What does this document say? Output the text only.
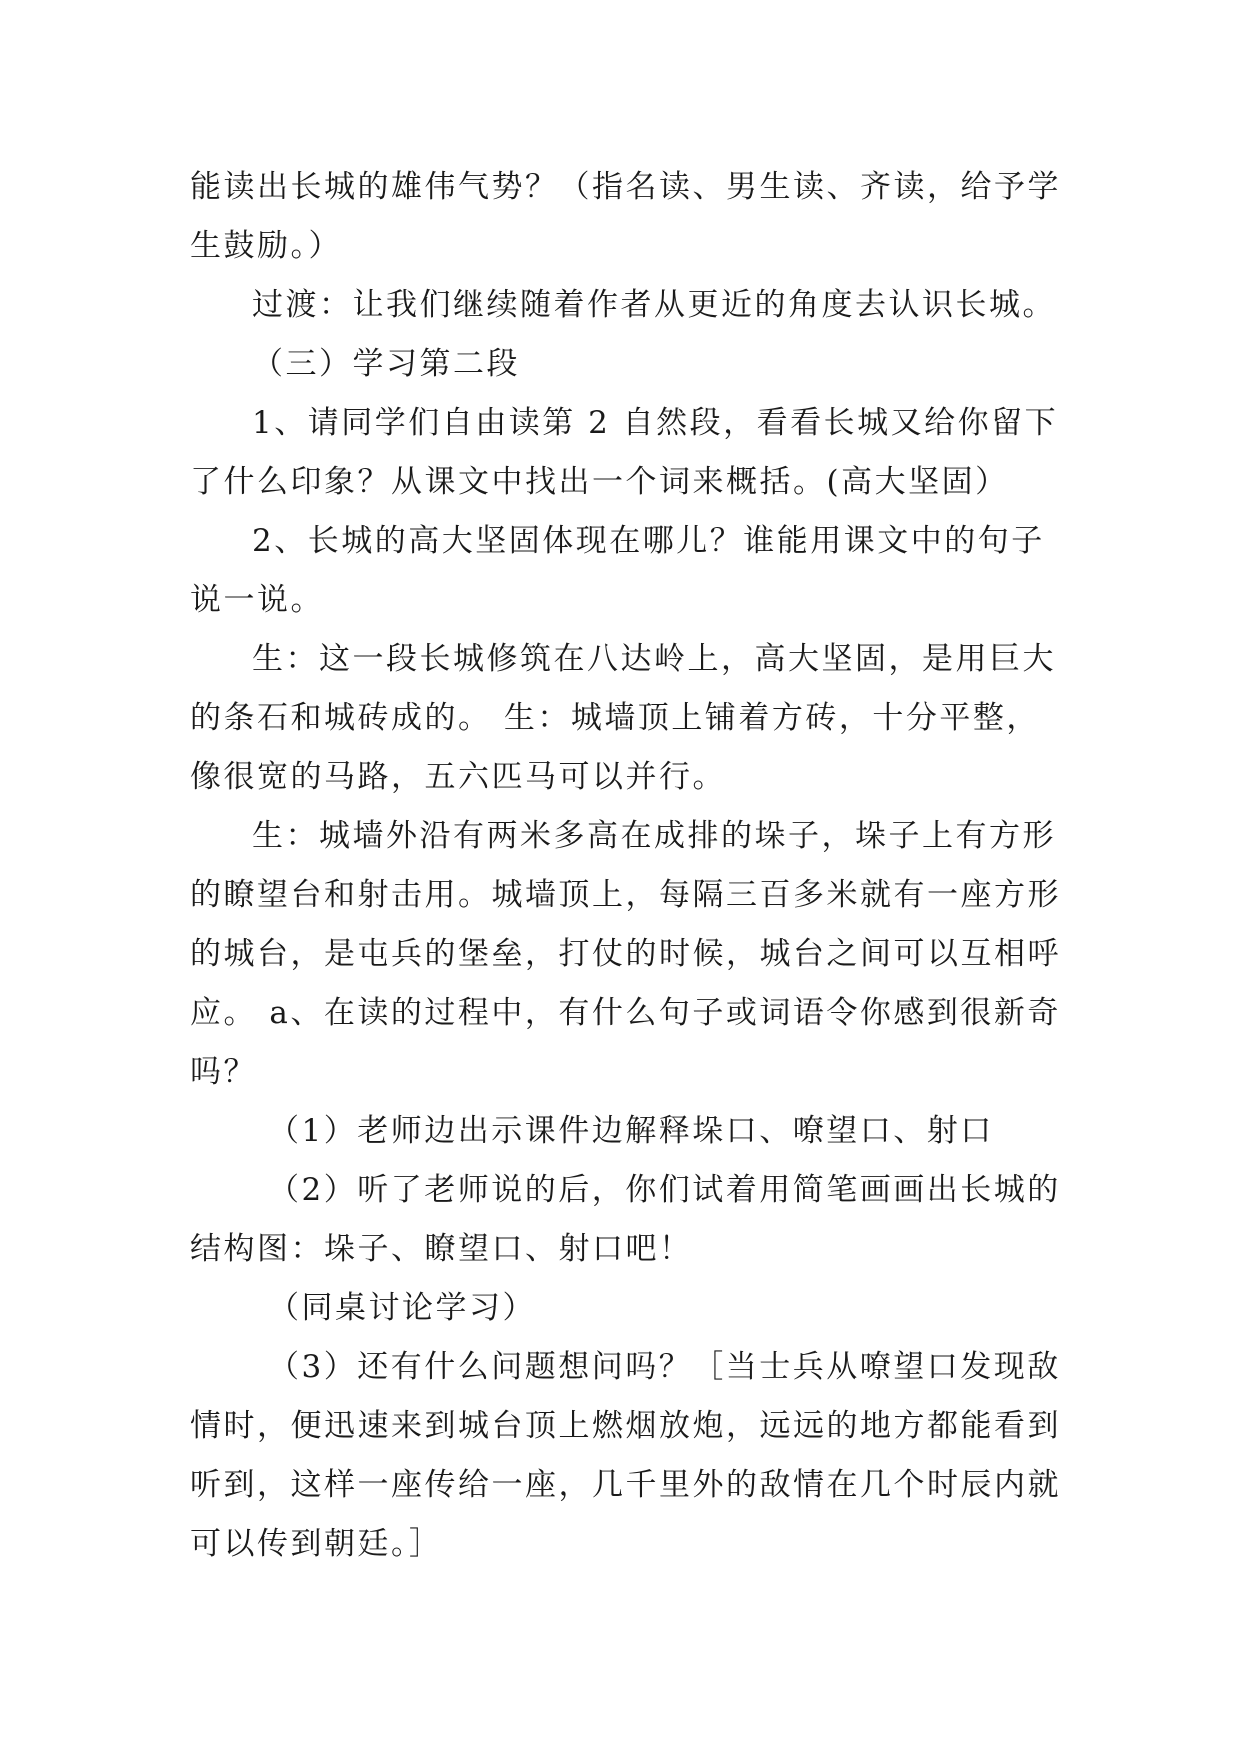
能读出长城的雄伟气势？（指名读、男生读、齐读，给予学生鼓励。）

过渡：让我们继续随着作者从更近的角度去认识长城。

（三）学习第二段

1、请同学们自由读第 2 自然段，看看长城又给你留下了什么印象？从课文中找出一个词来概括。(高大坚固）

2、长城的高大坚固体现在哪儿？谁能用课文中的句子说一说。

生：这一段长城修筑在八达岭上，高大坚固，是用巨大的条石和城砖成的。 生：城墙顶上铺着方砖，十分平整，像很宽的马路，五六匹马可以并行。

生：城墙外沿有两米多高在成排的垛子，垛子上有方形的瞭望台和射击用。城墙顶上，每隔三百多米就有一座方形的城台，是屯兵的堡垒，打仗的时候，城台之间可以互相呼应。 a、在读的过程中，有什么句子或词语令你感到很新奇吗？

（1）老师边出示课件边解释垛口、嘹望口、射口

（2）听了老师说的后，你们试着用简笔画画出长城的结构图：垛子、瞭望口、射口吧！

（同桌讨论学习）

（3）还有什么问题想问吗？［当士兵从嘹望口发现敌情时，便迅速来到城台顶上燃烟放炮，远远的地方都能看到听到，这样一座传给一座，几千里外的敌情在几个时辰内就可以传到朝廷。］
